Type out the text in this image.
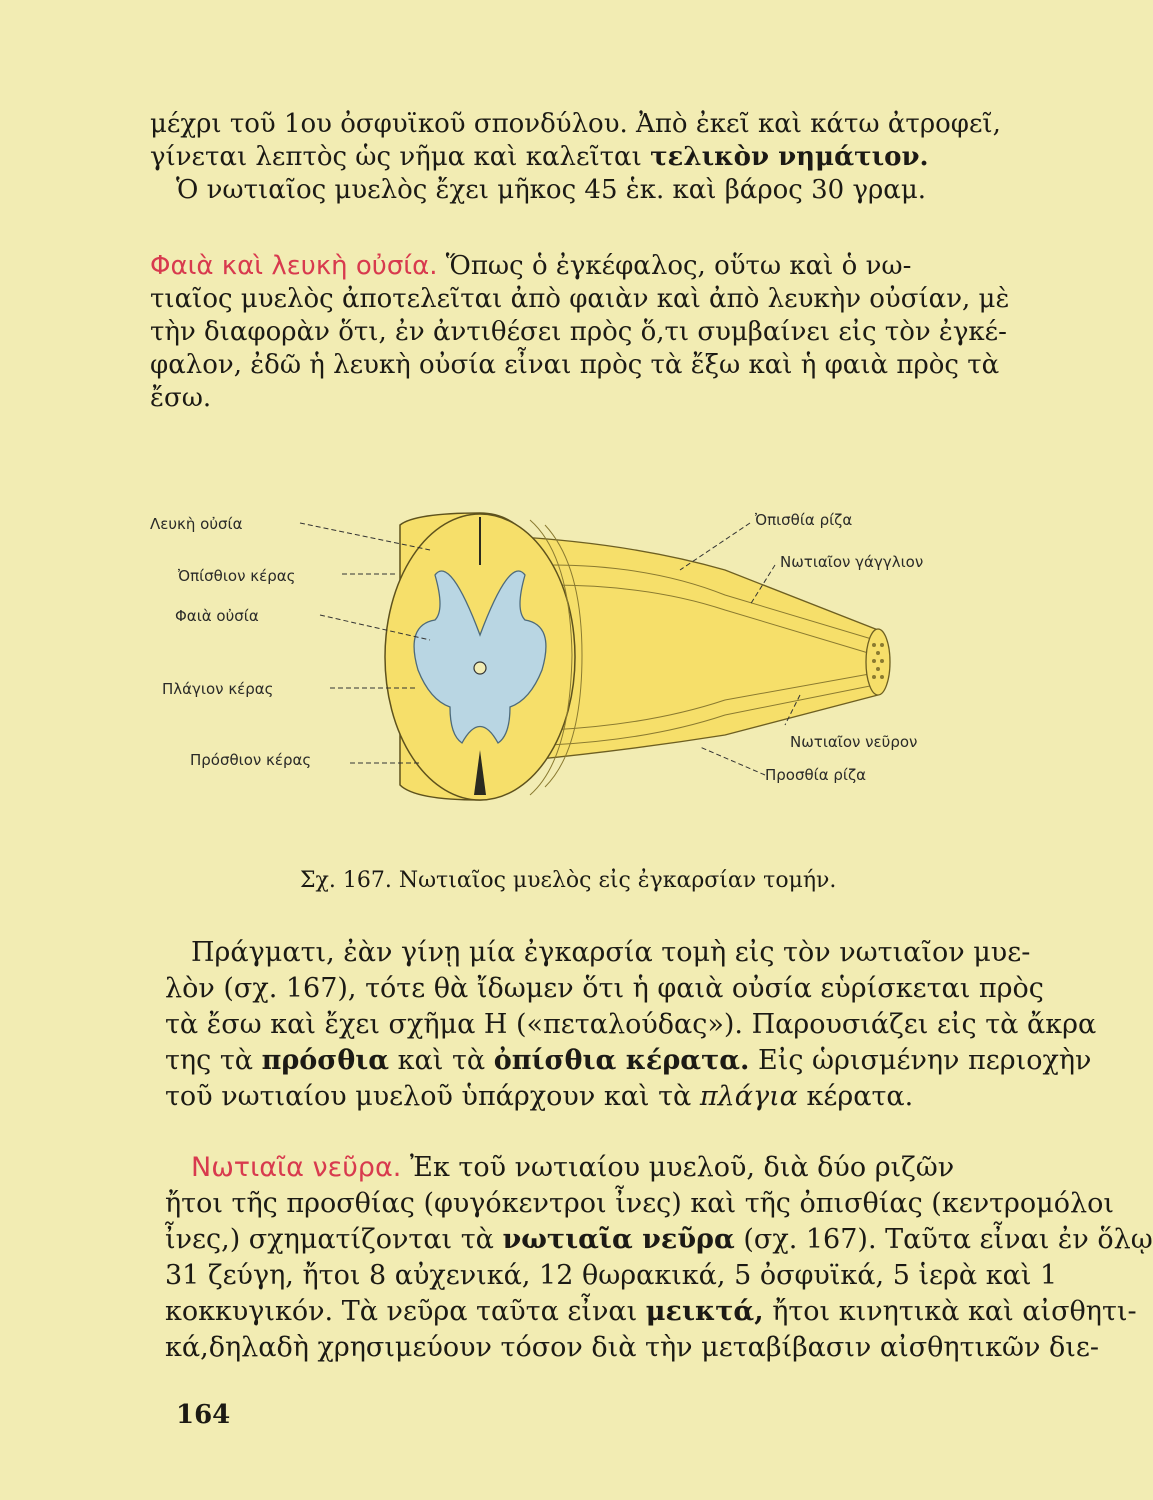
μέχρι τοῦ 1ου ὀσφυϊκοῦ σπονδύλου. Ἀπὸ ἐκεῖ καὶ κάτω ἀτροφεῖ,
γίνεται λεπτὸς ὡς νῆμα καὶ καλεῖται τελικὸν νημάτιον.
Ὁ νωτιαῖος μυελὸς ἔχει μῆκος 45 ἑκ. καὶ βάρος 30 γραμ.
Φαιὰ καὶ λευκὴ οὐσία. Ὅπως ὁ ἐγκέφαλος, οὕτω καὶ ὁ νω-
τιαῖος μυελὸς ἀποτελεῖται ἀπὸ φαιὰν καὶ ἀπὸ λευκὴν οὐσίαν, μὲ
τὴν διαφορὰν ὅτι, ἐν ἀντιθέσει πρὸς ὅ,τι συμβαίνει εἰς τὸν ἐγκέ-
φαλον, ἐδῶ ἡ λευκὴ οὐσία εἶναι πρὸς τὰ ἔξω καὶ ἡ φαιὰ πρὸς τὰ
ἔσω.
Λευκὴ οὐσία
Ὀπίσθιον κέρας
Φαιὰ οὐσία
Πλάγιον κέρας
Πρόσθιον κέρας
Ὀπισθία ρίζα
Νωτιαῖον γάγγλιον
Νωτιαῖον νεῦρον
Προσθία ρίζα
Σχ. 167. Νωτιαῖος μυελὸς εἰς ἐγκαρσίαν τομήν.
Πράγματι, ἐὰν γίνῃ μία ἐγκαρσία τομὴ εἰς τὸν νωτιαῖον μυε-
λὸν (σχ. 167), τότε θὰ ἴδωμεν ὅτι ἡ φαιὰ οὐσία εὑρίσκεται πρὸς
τὰ ἔσω καὶ ἔχει σχῆμα Η («πεταλούδας»). Παρουσιάζει εἰς τὰ ἄκρα
της τὰ πρόσθια καὶ τὰ ὀπίσθια κέρατα. Εἰς ὡρισμένην περιοχὴν
τοῦ νωτιαίου μυελοῦ ὑπάρχουν καὶ τὰ πλάγια κέρατα.
Νωτιαῖα νεῦρα. Ἐκ τοῦ νωτιαίου μυελοῦ, διὰ δύο ριζῶν
ἤτοι τῆς προσθίας (φυγόκεντροι ἶνες) καὶ τῆς ὀπισθίας (κεντρομόλοι
ἶνες,) σχηματίζονται τὰ νωτιαῖα νεῦρα (σχ. 167). Ταῦτα εἶναι ἐν ὅλῳ
31 ζεύγη, ἤτοι 8 αὐχενικά, 12 θωρακικά, 5 ὀσφυϊκά, 5 ἱερὰ καὶ 1
κοκκυγικόν. Τὰ νεῦρα ταῦτα εἶναι μεικτά, ἤτοι κινητικὰ καὶ αἰσθητι-
κά,δηλαδὴ χρησιμεύουν τόσον διὰ τὴν μεταβίβασιν αἰσθητικῶν διε-
164
